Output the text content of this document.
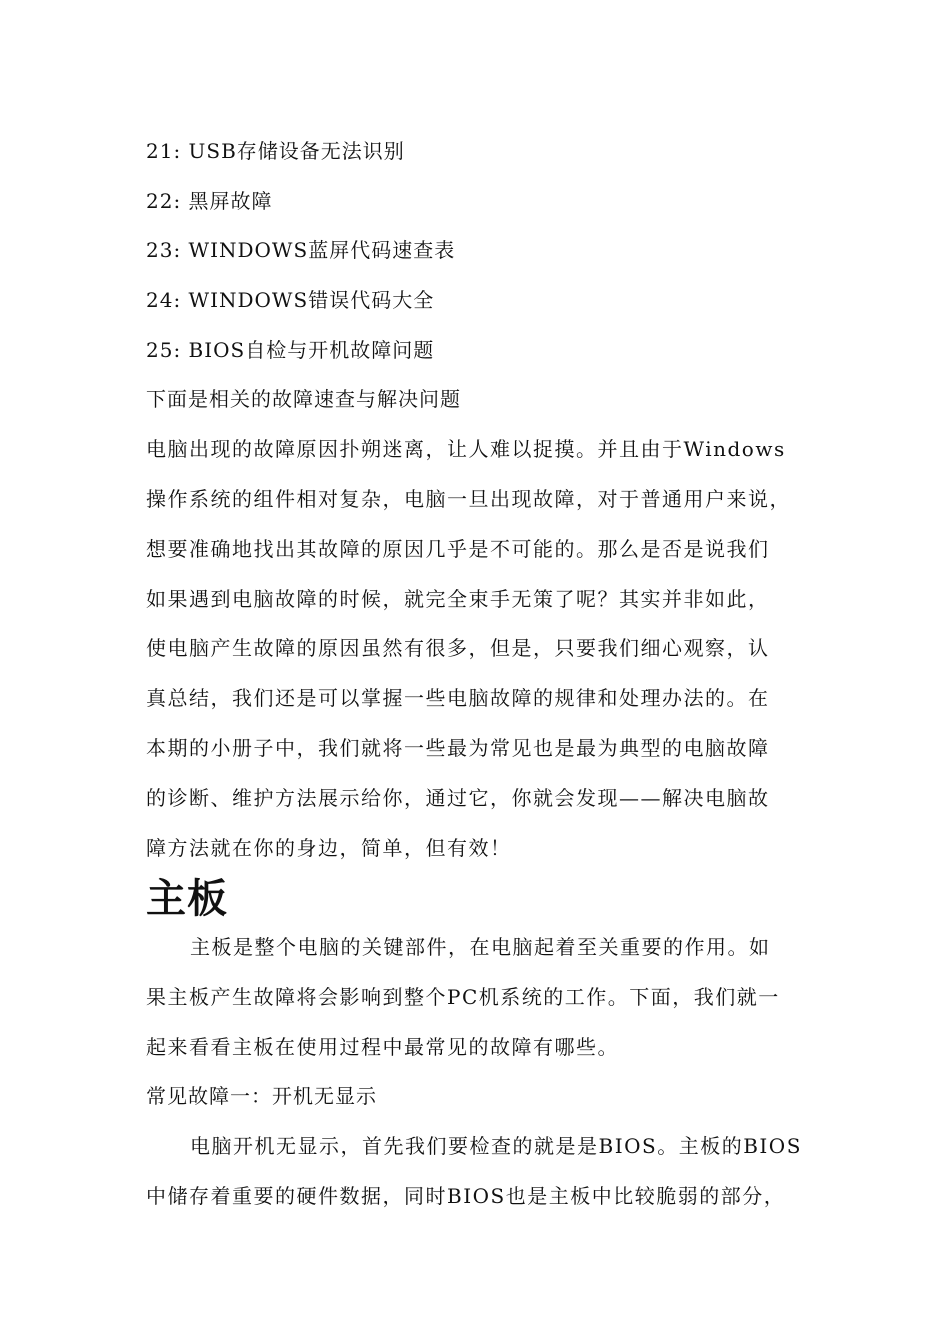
21: USB存储设备无法识别
22: 黑屏故障
23: WINDOWS蓝屏代码速查表
24: WINDOWS错误代码大全
25: BIOS自检与开机故障问题
下面是相关的故障速查与解决问题
电脑出现的故障原因扑朔迷离，让人难以捉摸。并且由于Windows
操作系统的组件相对复杂，电脑一旦出现故障，对于普通用户来说，
想要准确地找出其故障的原因几乎是不可能的。那么是否是说我们
如果遇到电脑故障的时候，就完全束手无策了呢？其实并非如此，
使电脑产生故障的原因虽然有很多，但是，只要我们细心观察，认
真总结，我们还是可以掌握一些电脑故障的规律和处理办法的。在
本期的小册子中，我们就将一些最为常见也是最为典型的电脑故障
的诊断、维护方法展示给你，通过它，你就会发现——解决电脑故
障方法就在你的身边，简单，但有效！
主板
主板是整个电脑的关键部件，在电脑起着至关重要的作用。如
果主板产生故障将会影响到整个PC机系统的工作。下面，我们就一
起来看看主板在使用过程中最常见的故障有哪些。
常见故障一：开机无显示
电脑开机无显示，首先我们要检查的就是是BIOS。主板的BIOS
中储存着重要的硬件数据，同时BIOS也是主板中比较脆弱的部分，
